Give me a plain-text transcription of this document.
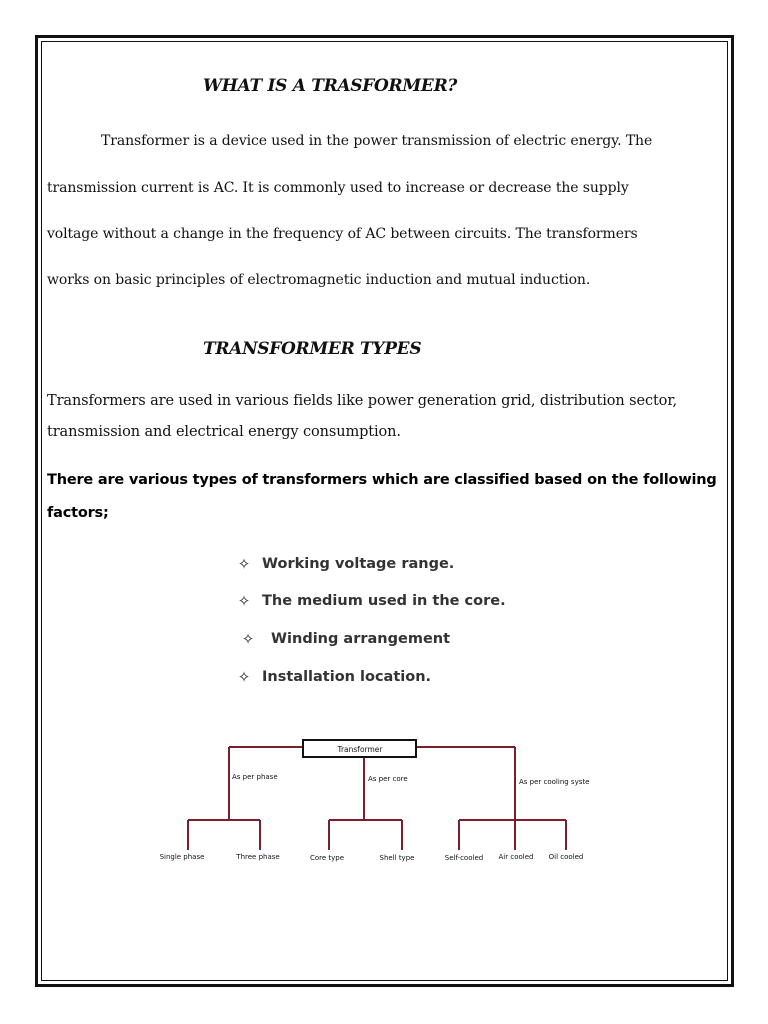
WHAT IS A TRASFORMER?
Transformer is a device used in the power transmission of electric energy. The
transmission current is AC. It is commonly used to increase or decrease the supply
voltage without a change in the frequency of AC between circuits. The transformers
works on basic principles of electromagnetic induction and mutual induction.
TRANSFORMER TYPES
Transformers are used in various fields like power generation grid, distribution sector,
transmission and electrical energy consumption.
There are various types of transformers which are classified based on the following
factors;
✧ Working voltage range.
✧ The medium used in the core.
✧ Winding arrangement
✧ Installation location.
Transformer
As per phase	As per core	As per cooling syste
Single phase	Three phase	Core type	Shell type	Self-cooled Air cooled Oil cooled
